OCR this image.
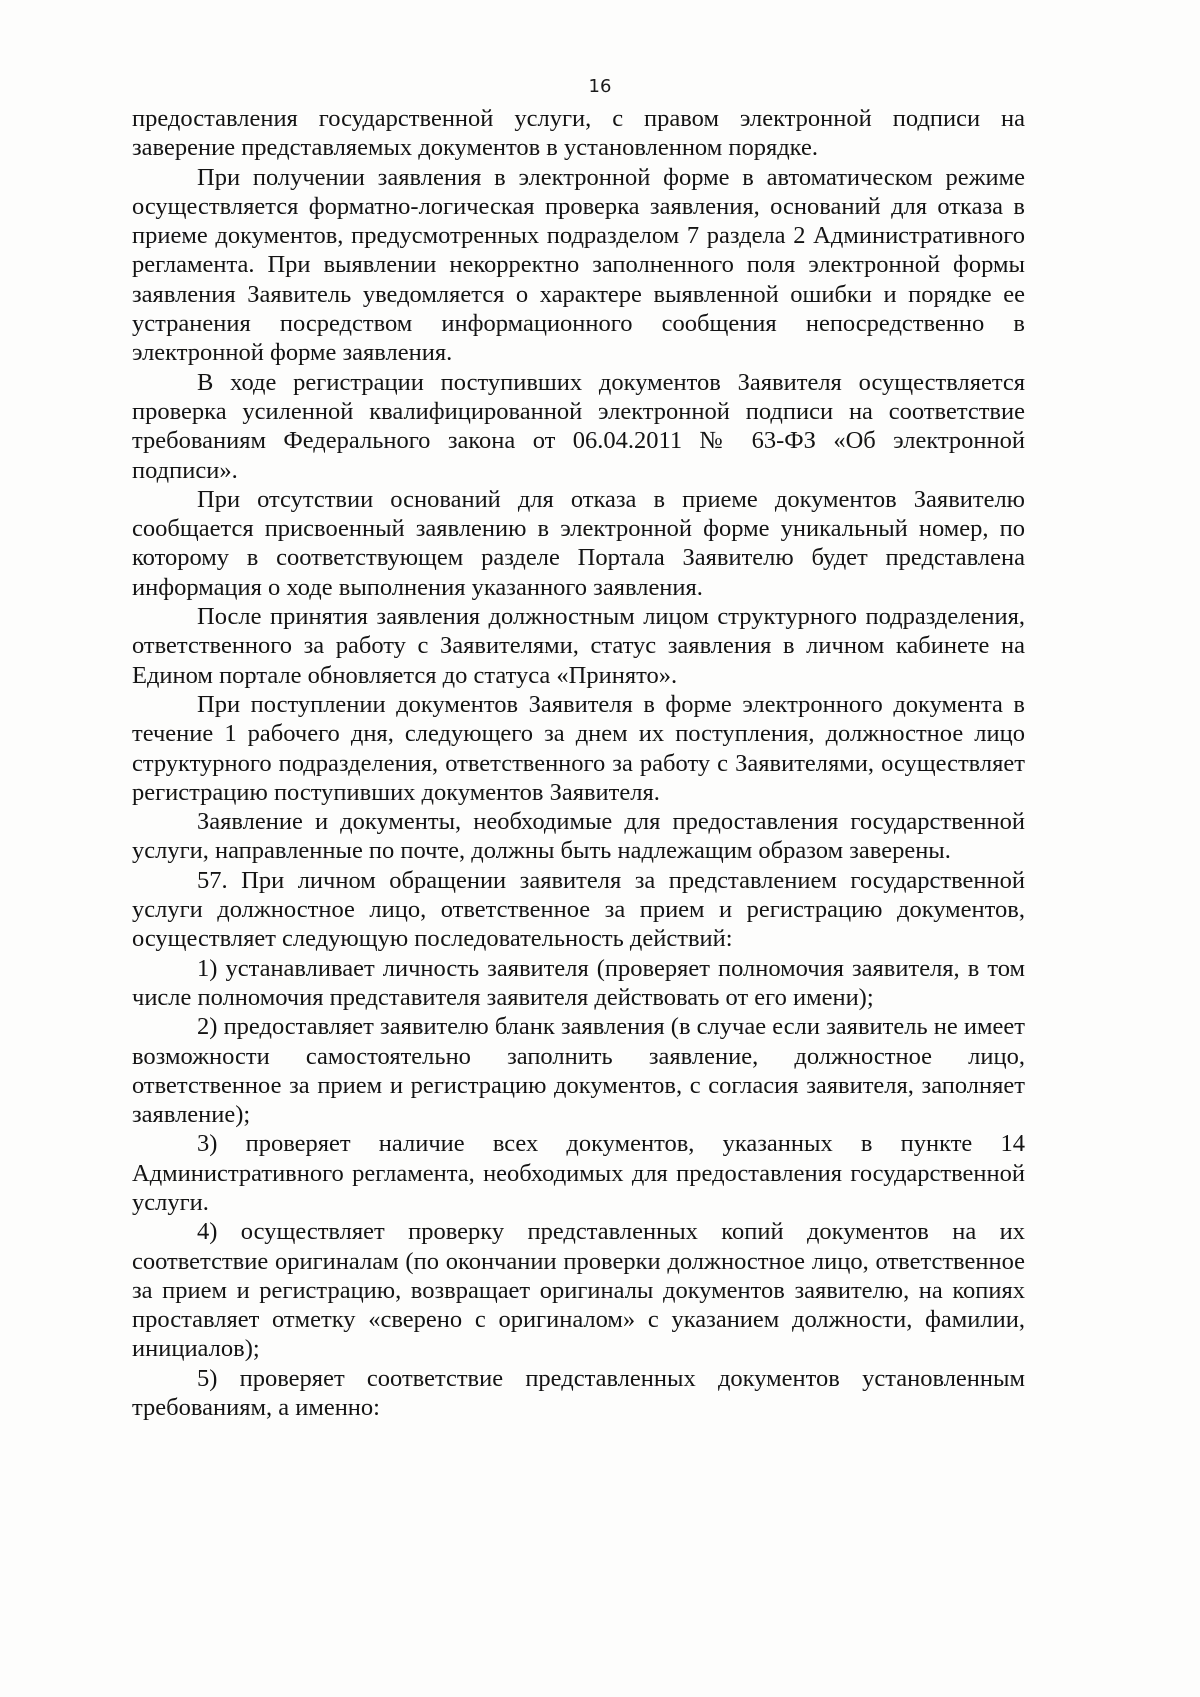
16

предоставления государственной услуги, с правом электронной подписи на заверение представляемых документов в установленном порядке.

При получении заявления в электронной форме в автоматическом режиме осуществляется форматно-логическая проверка заявления, оснований для отказа в приеме документов, предусмотренных подразделом 7 раздела 2 Административного регламента. При выявлении некорректно заполненного поля электронной формы заявления Заявитель уведомляется о характере выявленной ошибки и порядке ее устранения посредством информационного сообщения непосредственно в электронной форме заявления.

В ходе регистрации поступивших документов Заявителя осуществляется проверка усиленной квалифицированной электронной подписи на соответствие требованиям Федерального закона от 06.04.2011 № 63-ФЗ «Об электронной подписи».

При отсутствии оснований для отказа в приеме документов Заявителю сообщается присвоенный заявлению в электронной форме уникальный номер, по которому в соответствующем разделе Портала Заявителю будет представлена информация о ходе выполнения указанного заявления.

После принятия заявления должностным лицом структурного подразделения, ответственного за работу с Заявителями, статус заявления в личном кабинете на Едином портале обновляется до статуса «Принято».

При поступлении документов Заявителя в форме электронного документа в течение 1 рабочего дня, следующего за днем их поступления, должностное лицо структурного подразделения, ответственного за работу с Заявителями, осуществляет регистрацию поступивших документов Заявителя.

Заявление и документы, необходимые для предоставления государственной услуги, направленные по почте, должны быть надлежащим образом заверены.

57. При личном обращении заявителя за представлением государственной услуги должностное лицо, ответственное за прием и регистрацию документов, осуществляет следующую последовательность действий:

1) устанавливает личность заявителя (проверяет полномочия заявителя, в том числе полномочия представителя заявителя действовать от его имени);

2) предоставляет заявителю бланк заявления (в случае если заявитель не имеет возможности самостоятельно заполнить заявление, должностное лицо, ответственное за прием и регистрацию документов, с согласия заявителя, заполняет заявление);

3) проверяет наличие всех документов, указанных в пункте 14 Административного регламента, необходимых для предоставления государственной услуги.

4) осуществляет проверку представленных копий документов на их соответствие оригиналам (по окончании проверки должностное лицо, ответственное за прием и регистрацию, возвращает оригиналы документов заявителю, на копиях проставляет отметку «сверено с оригиналом» с указанием должности, фамилии, инициалов);

5) проверяет соответствие представленных документов установленным требованиям, а именно:
